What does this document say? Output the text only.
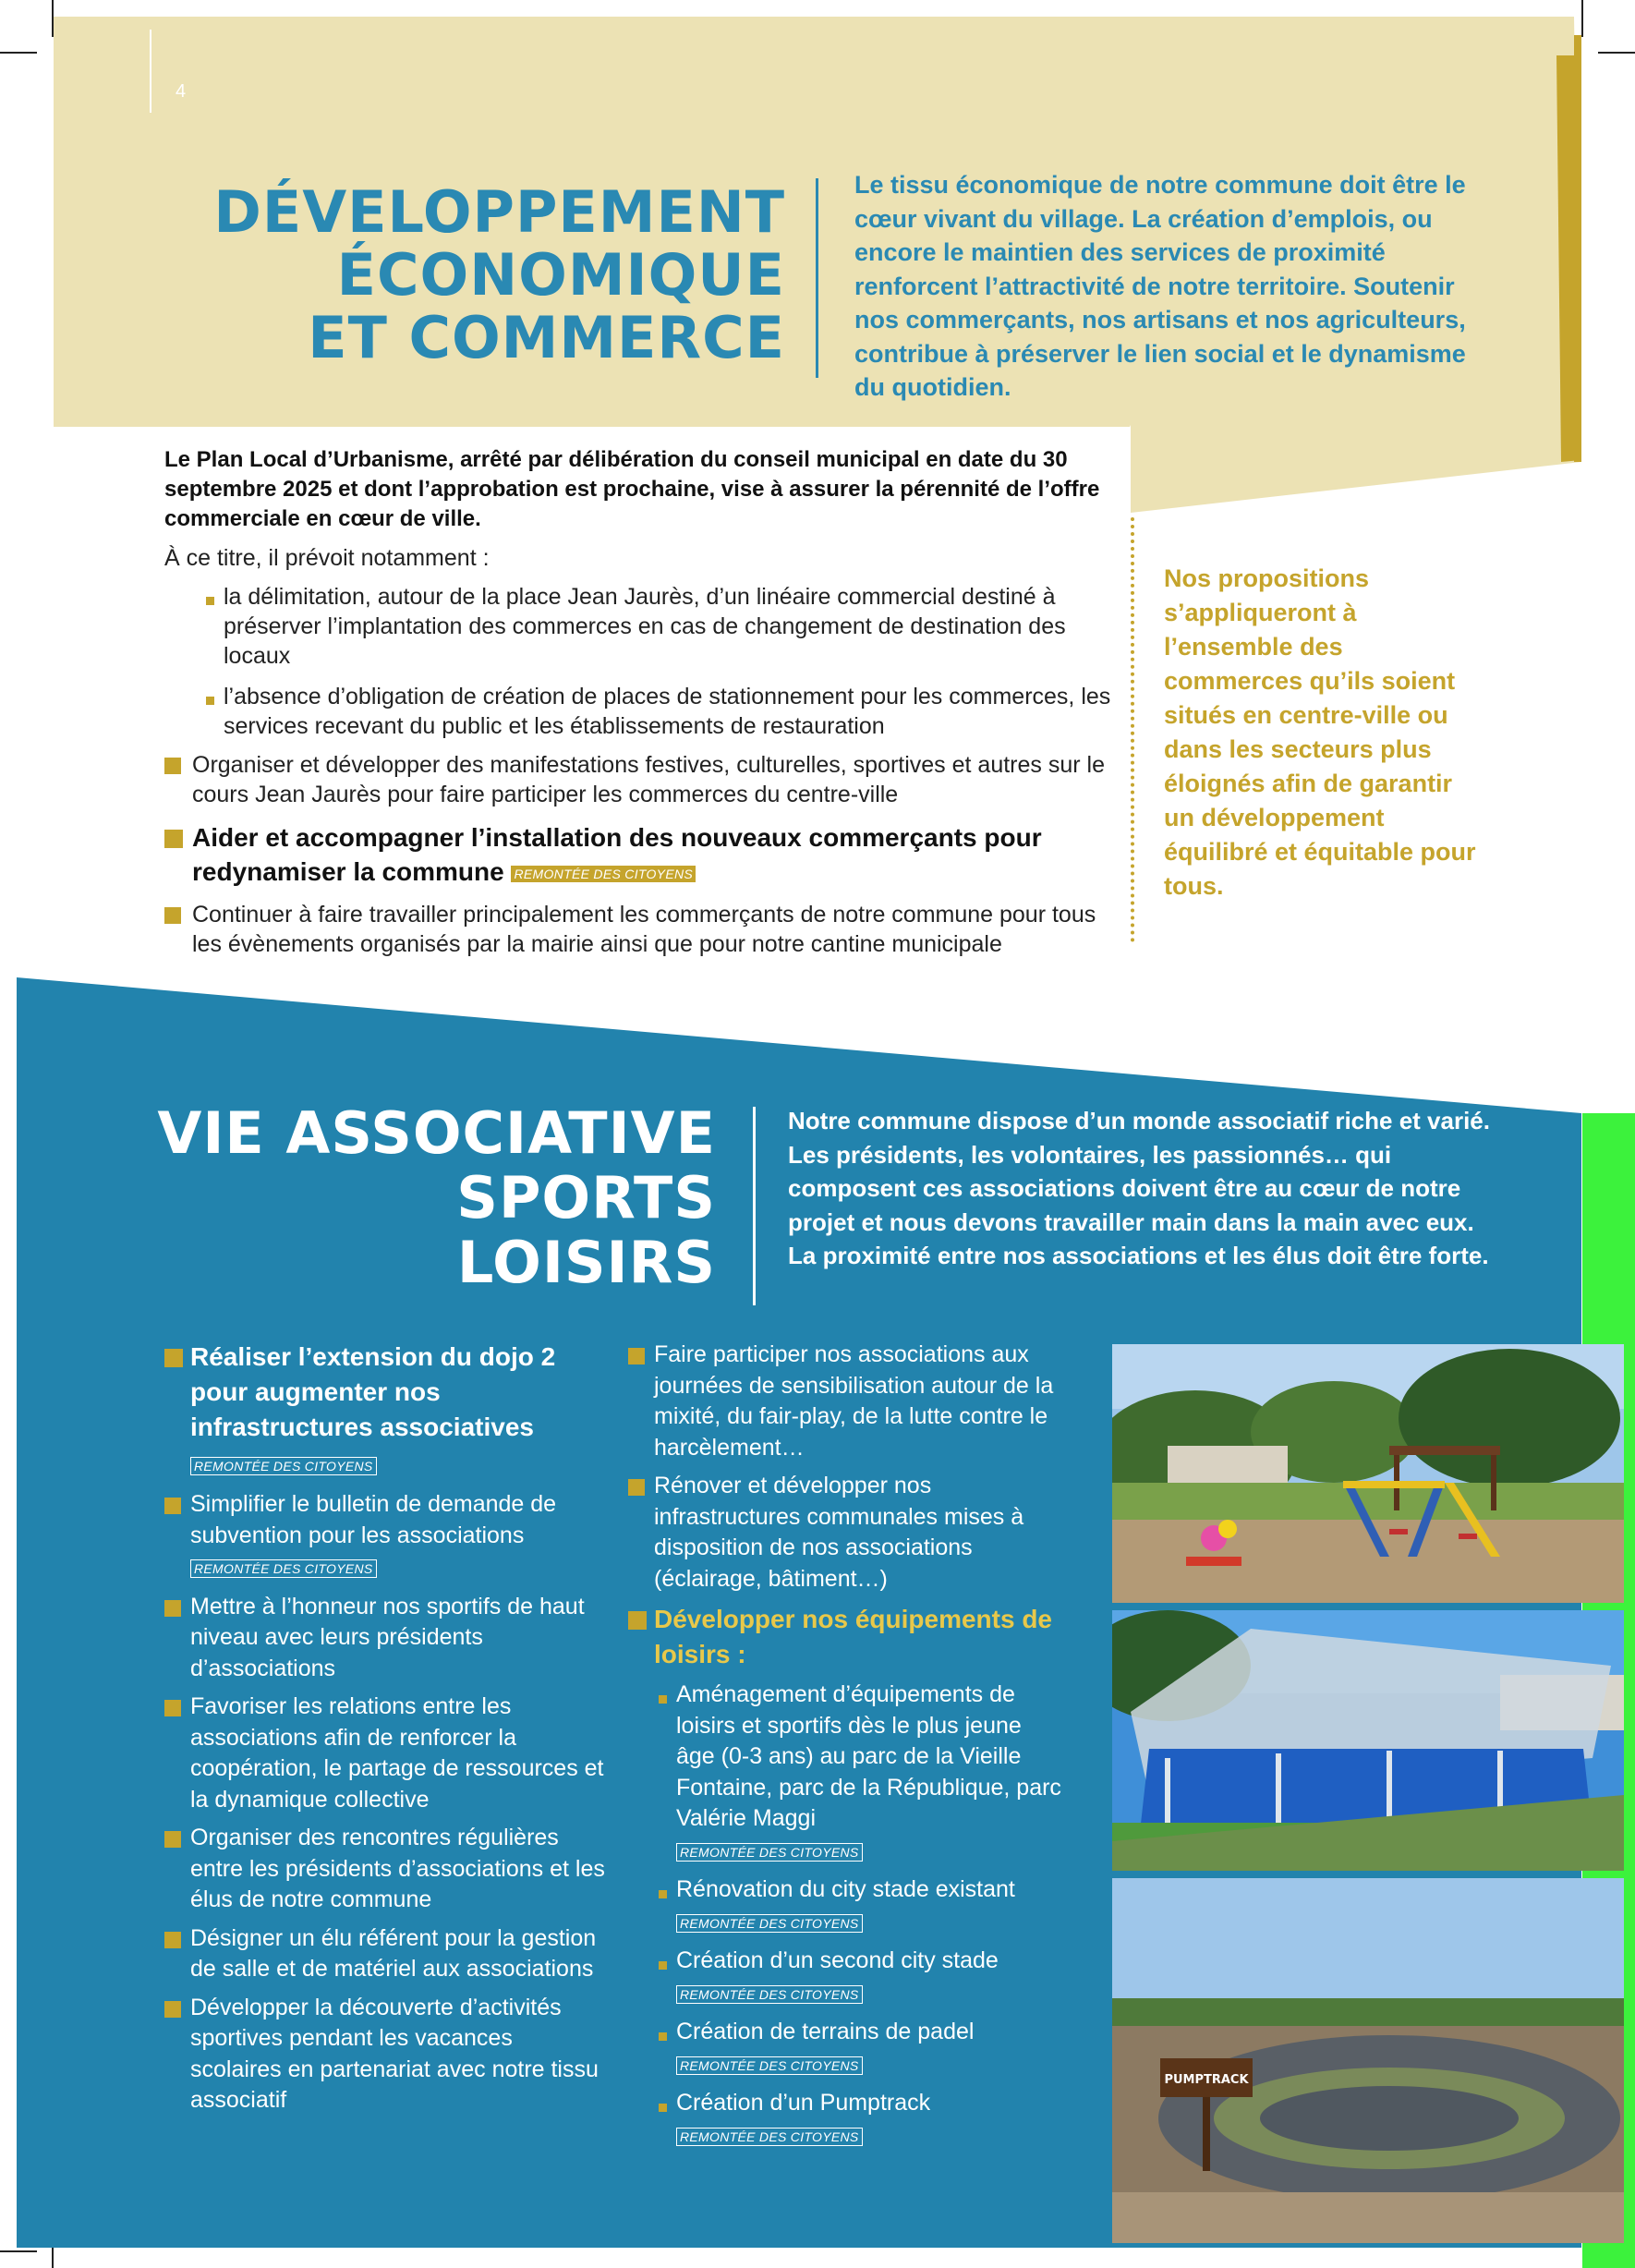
4
DÉVELOPPEMENT
ÉCONOMIQUE
ET COMMERCE
Le tissu économique de notre commune doit être le cœur vivant du village. La création d’emplois, ou encore le maintien des services de proximité renforcent l’attractivité de notre territoire. Soutenir nos commerçants, nos artisans et nos agriculteurs, contribue à préserver le lien social et le dynamisme du quotidien.
Le Plan Local d’Urbanisme, arrêté par délibération du conseil municipal en date du 30 septembre 2025 et dont l’approbation est prochaine, vise à assurer la pérennité de l’offre commerciale en cœur de ville.
À ce titre, il prévoit notamment :
la délimitation, autour de la place Jean Jaurès, d’un linéaire commercial destiné à préserver l’implantation des commerces en cas de changement de destination des locaux
l’absence d’obligation de création de places de stationnement pour les commerces, les services recevant du public et les établissements de restauration
Organiser et développer des manifestations festives, culturelles, sportives et autres sur le cours Jean Jaurès pour faire participer les commerces du centre-ville
Aider et accompagner l’installation des nouveaux commerçants pour redynamiser la commune REMONTÉE DES CITOYENS
Continuer à faire travailler principalement les commerçants de notre commune pour tous les évènements organisés par la mairie ainsi que pour notre cantine municipale
Nos propositions s’appliqueront à l’ensemble des commerces qu’ils soient situés en centre-ville ou dans les secteurs plus éloignés afin de garantir un développement équilibré et équitable pour tous.
VIE ASSOCIATIVE
SPORTS
LOISIRS
Notre commune dispose d’un monde associatif riche et varié. Les présidents, les volontaires, les passionnés… qui composent ces associations doivent être au cœur de notre projet et nous devons travailler main dans la main avec eux. La proximité entre nos associations et les élus doit être forte.
Réaliser l’extension du dojo 2 pour augmenter nos infrastructures associatives
REMONTÉE DES CITOYENS
Simplifier le bulletin de demande de subvention pour les associations
REMONTÉE DES CITOYENS
Mettre à l’honneur nos sportifs de haut niveau avec leurs présidents d’associations
Favoriser les relations entre les associations afin de renforcer la coopération, le partage de ressources et la dynamique collective
Organiser des rencontres régulières entre les présidents d’associations et les élus de notre commune
Désigner un élu référent pour la gestion de salle et de matériel aux associations
Développer la découverte d’activités sportives pendant les vacances scolaires en partenariat avec notre tissu associatif
Faire participer nos associations aux journées de sensibilisation autour de la mixité, du fair-play, de la lutte contre le harcèlement…
Rénover et développer nos infrastructures communales mises à disposition de nos associations (éclairage, bâtiment…)
Développer nos équipements de loisirs :
Aménagement d’équipements de loisirs et sportifs dès le plus jeune âge (0-3 ans) au parc de la Vieille Fontaine, parc de la République, parc Valérie Maggi
REMONTÉE DES CITOYENS
Rénovation du city stade existant
REMONTÉE DES CITOYENS
Création d’un second city stade
REMONTÉE DES CITOYENS
Création de terrains de padel
REMONTÉE DES CITOYENS
Création d’un Pumptrack
REMONTÉE DES CITOYENS
PUMPTRACK
